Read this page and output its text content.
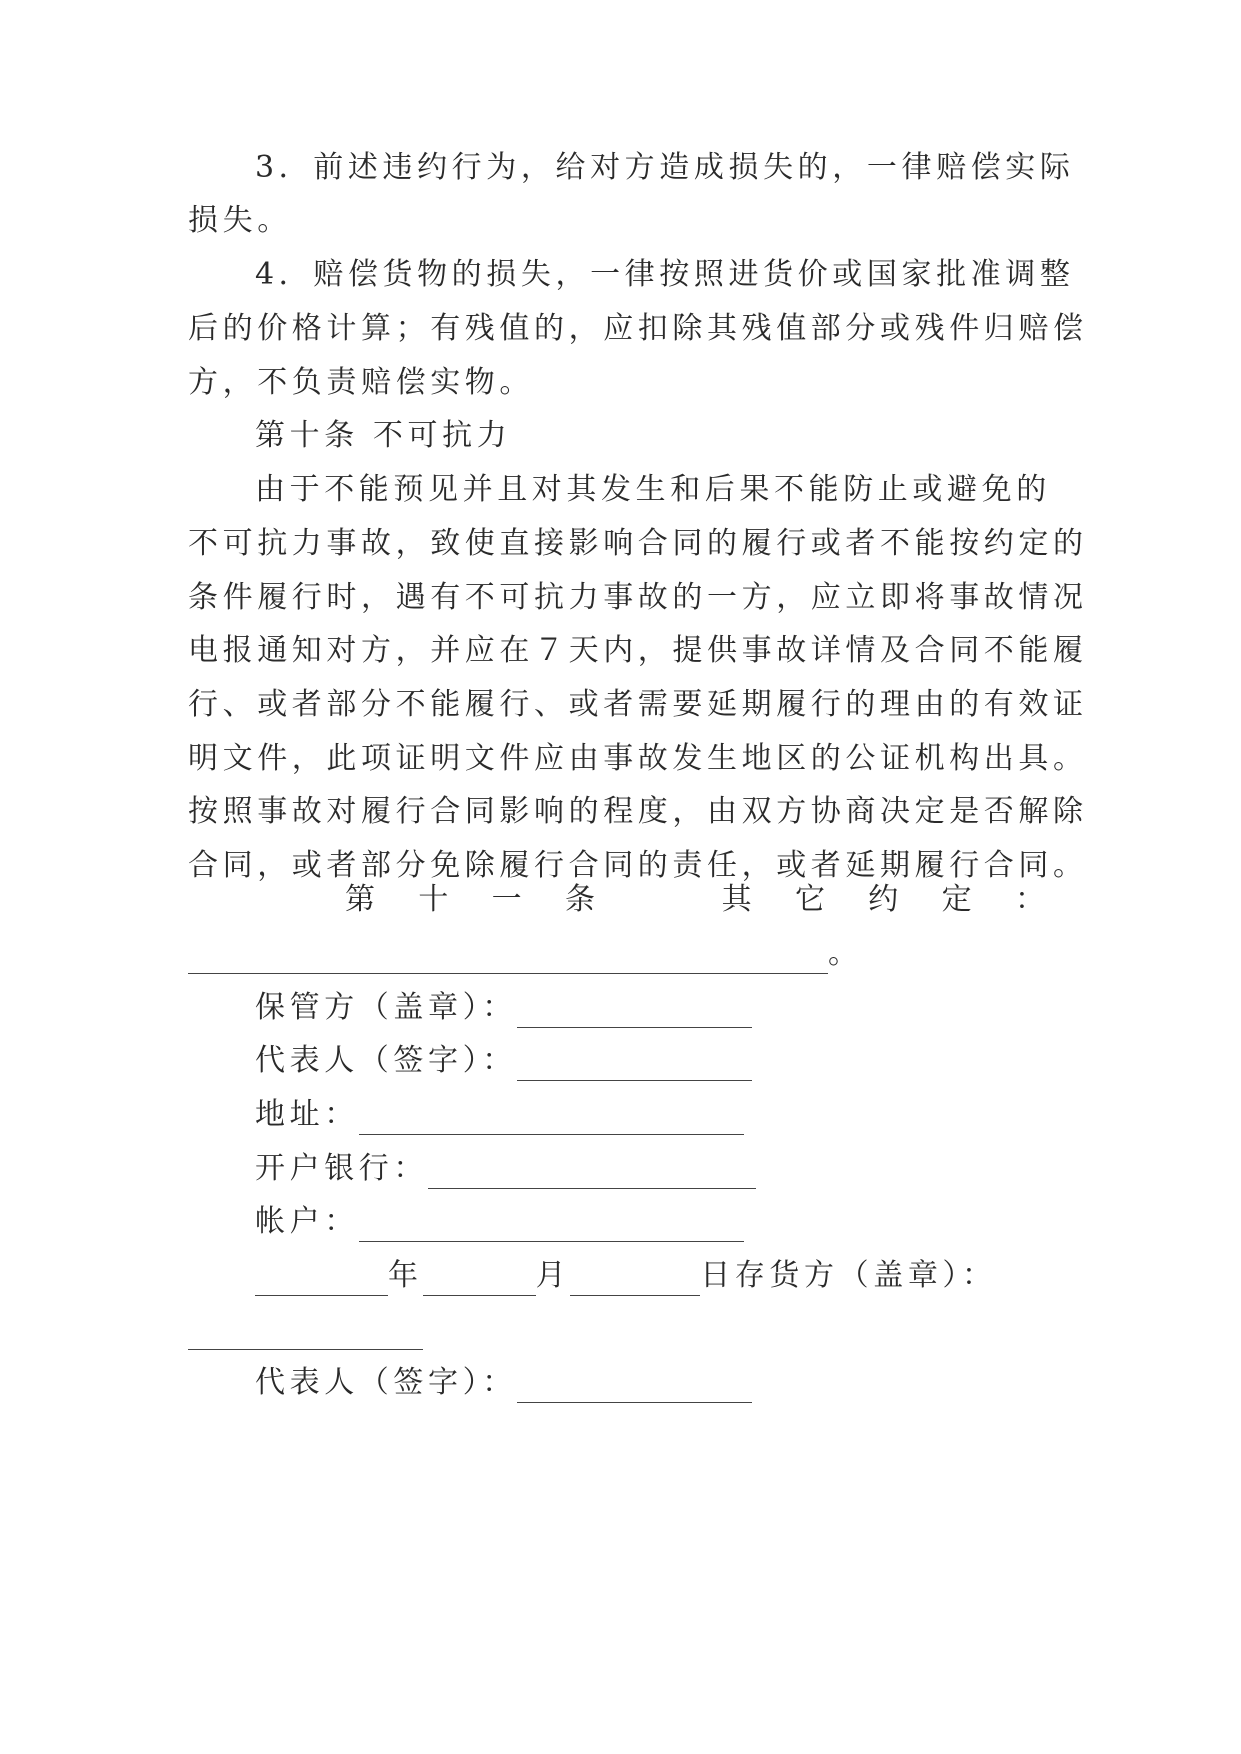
3．前述违约行为，给对方造成损失的，一律赔偿实际
损失。
4．赔偿货物的损失，一律按照进货价或国家批准调整
后的价格计算；有残值的，应扣除其残值部分或残件归赔偿
方，不负责赔偿实物。
第十条 不可抗力
由于不能预见并且对其发生和后果不能防止或避免的
不可抗力事故，致使直接影响合同的履行或者不能按约定的
条件履行时，遇有不可抗力事故的一方，应立即将事故情况
电报通知对方，并应在７天内，提供事故详情及合同不能履
行、或者部分不能履行、或者需要延期履行的理由的有效证
明文件，此项证明文件应由事故发生地区的公证机构出具。
按照事故对履行合同影响的程度，由双方协商决定是否解除
合同，或者部分免除履行合同的责任，或者延期履行合同。
第 十 一 条	其 它 约 定 ：
。
保管方（盖章）：
代表人（签字）：
地址：
开户银行：
帐户：
年	月	日存货方（盖章）：
代表人（签字）：
